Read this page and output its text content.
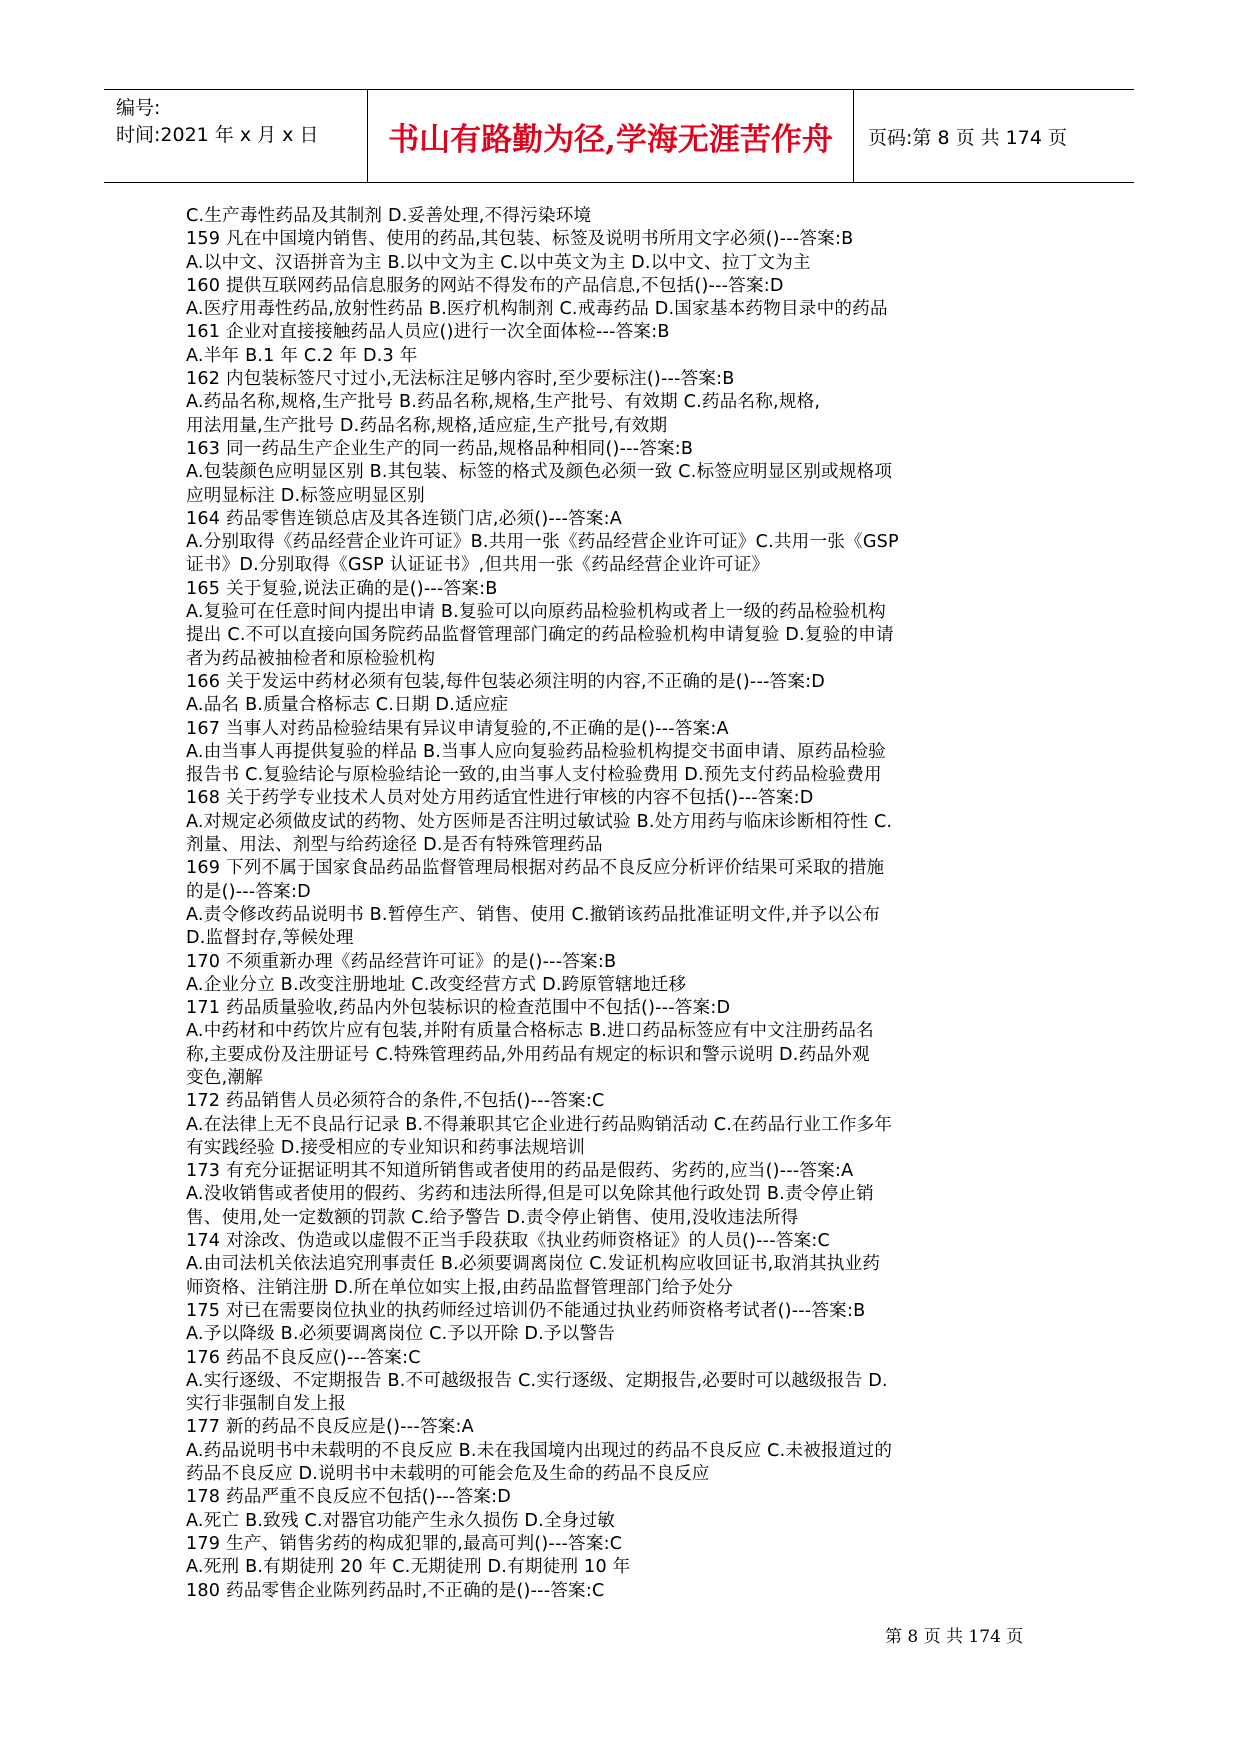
编号:
时间:2021 年 x 月 x 日	书山有路勤为径,学海无涯苦作舟	页码:第 8 页 共 174 页

C.生产毒性药品及其制剂 D.妥善处理,不得污染环境

159 凡在中国境内销售、使用的药品,其包装、标签及说明书所用文字必须()---答案:B

A.以中文、汉语拼音为主 B.以中文为主 C.以中英文为主 D.以中文、拉丁文为主

160 提供互联网药品信息服务的网站不得发布的产品信息,不包括()---答案:D

A.医疗用毒性药品,放射性药品 B.医疗机构制剂 C.戒毒药品 D.国家基本药物目录中的药品

161 企业对直接接触药品人员应()进行一次全面体检---答案:B

A.半年 B.1 年 C.2 年 D.3 年

162 内包装标签尺寸过小,无法标注足够内容时,至少要标注()---答案:B

A.药品名称,规格,生产批号 B.药品名称,规格,生产批号、有效期 C.药品名称,规格,

用法用量,生产批号 D.药品名称,规格,适应症,生产批号,有效期

163 同一药品生产企业生产的同一药品,规格品种相同()---答案:B

A.包装颜色应明显区别 B.其包装、标签的格式及颜色必须一致 C.标签应明显区别或规格项

应明显标注 D.标签应明显区别

164 药品零售连锁总店及其各连锁门店,必须()---答案:A

A.分别取得《药品经营企业许可证》B.共用一张《药品经营企业许可证》C.共用一张《GSP

证书》D.分别取得《GSP 认证证书》,但共用一张《药品经营企业许可证》

165 关于复验,说法正确的是()---答案:B

A.复验可在任意时间内提出申请 B.复验可以向原药品检验机构或者上一级的药品检验机构

提出 C.不可以直接向国务院药品监督管理部门确定的药品检验机构申请复验 D.复验的申请

者为药品被抽检者和原检验机构

166 关于发运中药材必须有包装,每件包装必须注明的内容,不正确的是()---答案:D

A.品名 B.质量合格标志 C.日期 D.适应症

167 当事人对药品检验结果有异议申请复验的,不正确的是()---答案:A

A.由当事人再提供复验的样品 B.当事人应向复验药品检验机构提交书面申请、原药品检验

报告书 C.复验结论与原检验结论一致的,由当事人支付检验费用 D.预先支付药品检验费用

168 关于药学专业技术人员对处方用药适宜性进行审核的内容不包括()---答案:D

A.对规定必须做皮试的药物、处方医师是否注明过敏试验 B.处方用药与临床诊断相符性 C.

剂量、用法、剂型与给药途径 D.是否有特殊管理药品

169 下列不属于国家食品药品监督管理局根据对药品不良反应分析评价结果可采取的措施

的是()---答案:D

A.责令修改药品说明书 B.暂停生产、销售、使用 C.撤销该药品批准证明文件,并予以公布

D.监督封存,等候处理

170 不须重新办理《药品经营许可证》的是()---答案:B

A.企业分立 B.改变注册地址 C.改变经营方式 D.跨原管辖地迁移

171 药品质量验收,药品内外包装标识的检查范围中不包括()---答案:D

A.中药材和中药饮片应有包装,并附有质量合格标志 B.进口药品标签应有中文注册药品名

称,主要成份及注册证号 C.特殊管理药品,外用药品有规定的标识和警示说明 D.药品外观

变色,潮解

172 药品销售人员必须符合的条件,不包括()---答案:C

A.在法律上无不良品行记录 B.不得兼职其它企业进行药品购销活动 C.在药品行业工作多年

有实践经验 D.接受相应的专业知识和药事法规培训

173 有充分证据证明其不知道所销售或者使用的药品是假药、劣药的,应当()---答案:A

A.没收销售或者使用的假药、劣药和违法所得,但是可以免除其他行政处罚 B.责令停止销

售、使用,处一定数额的罚款 C.给予警告 D.责令停止销售、使用,没收违法所得

174 对涂改、伪造或以虚假不正当手段获取《执业药师资格证》的人员()---答案:C

A.由司法机关依法追究刑事责任 B.必须要调离岗位 C.发证机构应收回证书,取消其执业药

师资格、注销注册 D.所在单位如实上报,由药品监督管理部门给予处分

175 对已在需要岗位执业的执药师经过培训仍不能通过执业药师资格考试者()---答案:B

A.予以降级 B.必须要调离岗位 C.予以开除 D.予以警告

176 药品不良反应()---答案:C

A.实行逐级、不定期报告 B.不可越级报告 C.实行逐级、定期报告,必要时可以越级报告 D.

实行非强制自发上报

177 新的药品不良反应是()---答案:A

A.药品说明书中未载明的不良反应 B.未在我国境内出现过的药品不良反应 C.未被报道过的

药品不良反应 D.说明书中未载明的可能会危及生命的药品不良反应

178 药品严重不良反应不包括()---答案:D

A.死亡 B.致残 C.对器官功能产生永久损伤 D.全身过敏

179 生产、销售劣药的构成犯罪的,最高可判()---答案:C

A.死刑 B.有期徒刑 20 年 C.无期徒刑 D.有期徒刑 10 年

180 药品零售企业陈列药品时,不正确的是()---答案:C

第 8 页 共 174 页
